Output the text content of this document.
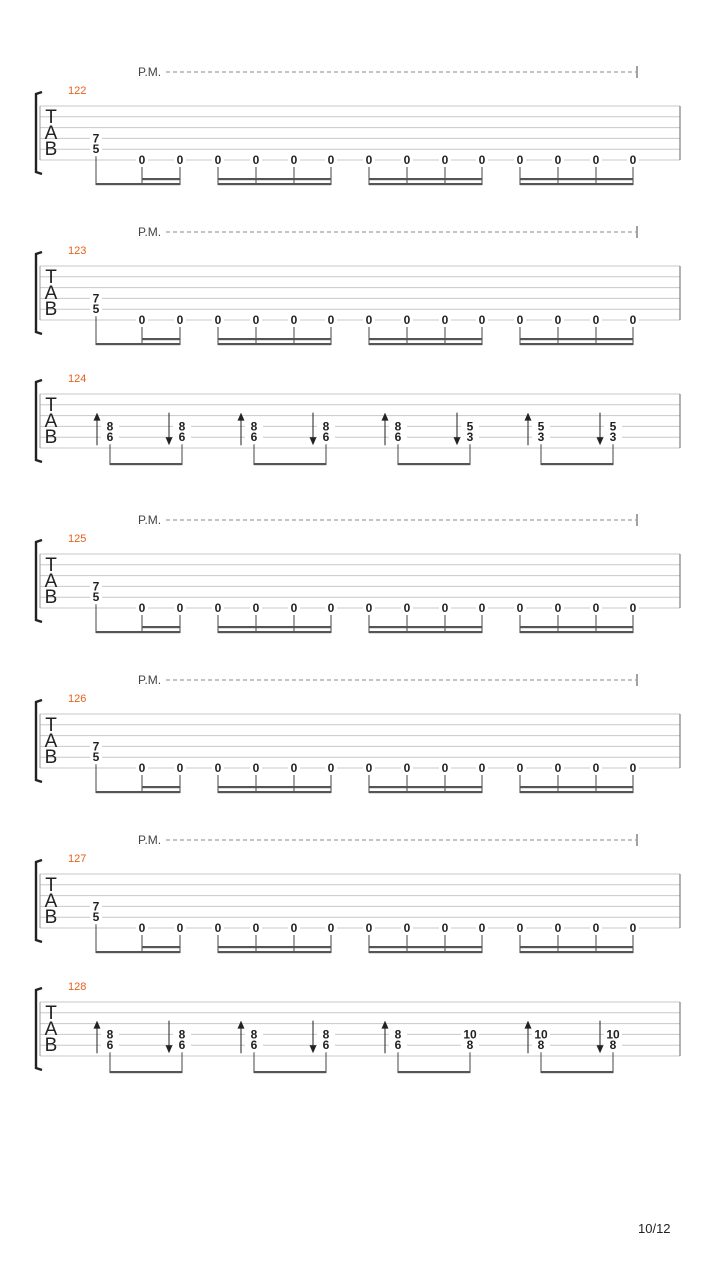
T
A
B
122
P.M.
7
5
0	0	0	0	0	0	0	0	0	0	0	0	0	0
T
A
B
123
P.M.
7
5
0	0	0	0	0	0	0	0	0	0	0	0	0	0
T
A
B
124
8
6
8
6
8
6
8
6
8
6
5
3
5
3
5
3
T
A
B
125
P.M.
7
5
0	0	0	0	0	0	0	0	0	0	0	0	0	0
T
A
B
126
P.M.
7
5
0	0	0	0	0	0	0	0	0	0	0	0	0	0
T
A
B
127
P.M.
7
5
0	0	0	0	0	0	0	0	0	0	0	0	0	0
T
A
B
128
8
6
8
6
8
6
8
6
8
6
10
8
10
8
10
8
10/12
